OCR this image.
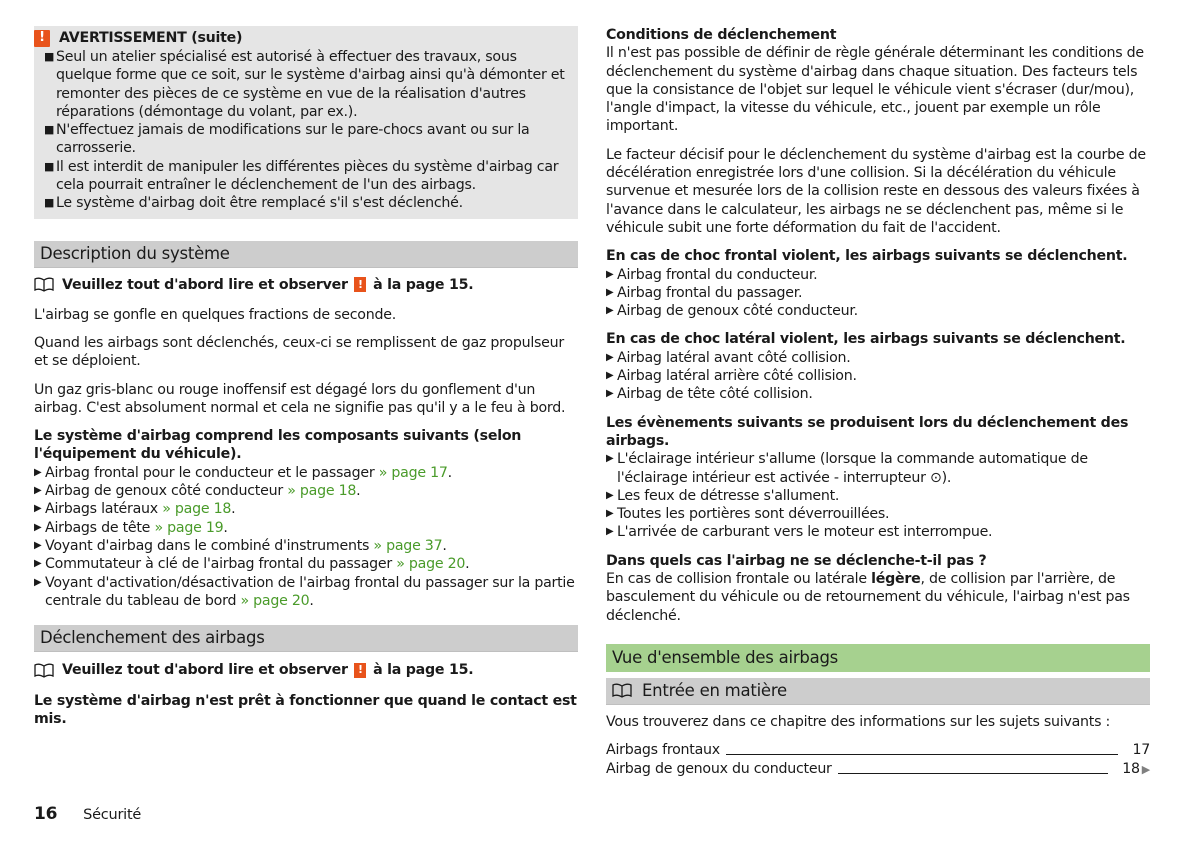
! AVERTISSEMENT (suite)
■ Seul un atelier spécialisé est autorisé à effectuer des travaux, sous quelque forme que ce soit, sur le système d'airbag ainsi qu'à démonter et remonter des pièces de ce système en vue de la réalisation d'autres réparations (démontage du volant, par ex.).
■ N'effectuez jamais de modifications sur le pare-chocs avant ou sur la carrosserie.
■ Il est interdit de manipuler les différentes pièces du système d'airbag car cela pourrait entraîner le déclenchement de l'un des airbags.
■ Le système d'airbag doit être remplacé s'il s'est déclenché.
Description du système
Veuillez tout d'abord lire et observer
!
à la page 15.

L'airbag se gonfle en quelques fractions de seconde.

Quand les airbags sont déclenchés, ceux-ci se remplissent de gaz propulseur et se déploient.

Un gaz gris-blanc ou rouge inoffensif est dégagé lors du gonflement d'un airbag. C'est absolument normal et cela ne signifie pas qu'il y a le feu à bord.

Le système d'airbag comprend les composants suivants (selon l'équipement du véhicule).

▶ Airbag frontal pour le conducteur et le passager » page 17.
▶ Airbag de genoux côté conducteur » page 18.
▶ Airbags latéraux » page 18.
▶ Airbags de tête » page 19.
▶ Voyant d'airbag dans le combiné d'instruments » page 37.
▶ Commutateur à clé de l'airbag frontal du passager » page 20.
▶ Voyant d'activation/désactivation de l'airbag frontal du passager sur la partie centrale du tableau de bord » page 20.
Déclenchement des airbags
Veuillez tout d'abord lire et observer
!
à la page 15.

Le système d'airbag n'est prêt à fonctionner que quand le contact est mis.

Conditions de déclenchement

Il n'est pas possible de définir de règle générale déterminant les conditions de déclenchement du système d'airbag dans chaque situation. Des facteurs tels que la consistance de l'objet sur lequel le véhicule vient s'écraser (dur/mou), l'angle d'impact, la vitesse du véhicule, etc., jouent par exemple un rôle important.

Le facteur décisif pour le déclenchement du système d'airbag est la courbe de décélération enregistrée lors d'une collision. Si la décélération du véhicule survenue et mesurée lors de la collision reste en dessous des valeurs fixées à l'avance dans le calculateur, les airbags ne se déclenchent pas, même si le véhicule subit une forte déformation du fait de l'accident.

En cas de choc frontal violent, les airbags suivants se déclenchent.

▶ Airbag frontal du conducteur.
▶ Airbag frontal du passager.
▶ Airbag de genoux côté conducteur.

En cas de choc latéral violent, les airbags suivants se déclenchent.

▶ Airbag latéral avant côté collision.
▶ Airbag latéral arrière côté collision.
▶ Airbag de tête côté collision.

Les évènements suivants se produisent lors du déclenchement des airbags.

▶ L'éclairage intérieur s'allume (lorsque la commande automatique de l'éclairage intérieur est activée - interrupteur ⊙).
▶ Les feux de détresse s'allument.
▶ Toutes les portières sont déverrouillées.
▶ L'arrivée de carburant vers le moteur est interrompue.

Dans quels cas l'airbag ne se déclenche-t-il pas ?

En cas de collision frontale ou latérale légère, de collision par l'arrière, de basculement du véhicule ou de retournement du véhicule, l'airbag n'est pas déclenché.

Vue d'ensemble des airbags
Entrée en matière

Vous trouverez dans ce chapitre des informations sur les sujets suivants :

Airbags frontaux	17
Airbag de genoux du conducteur	18 ▶
16 Sécurité
